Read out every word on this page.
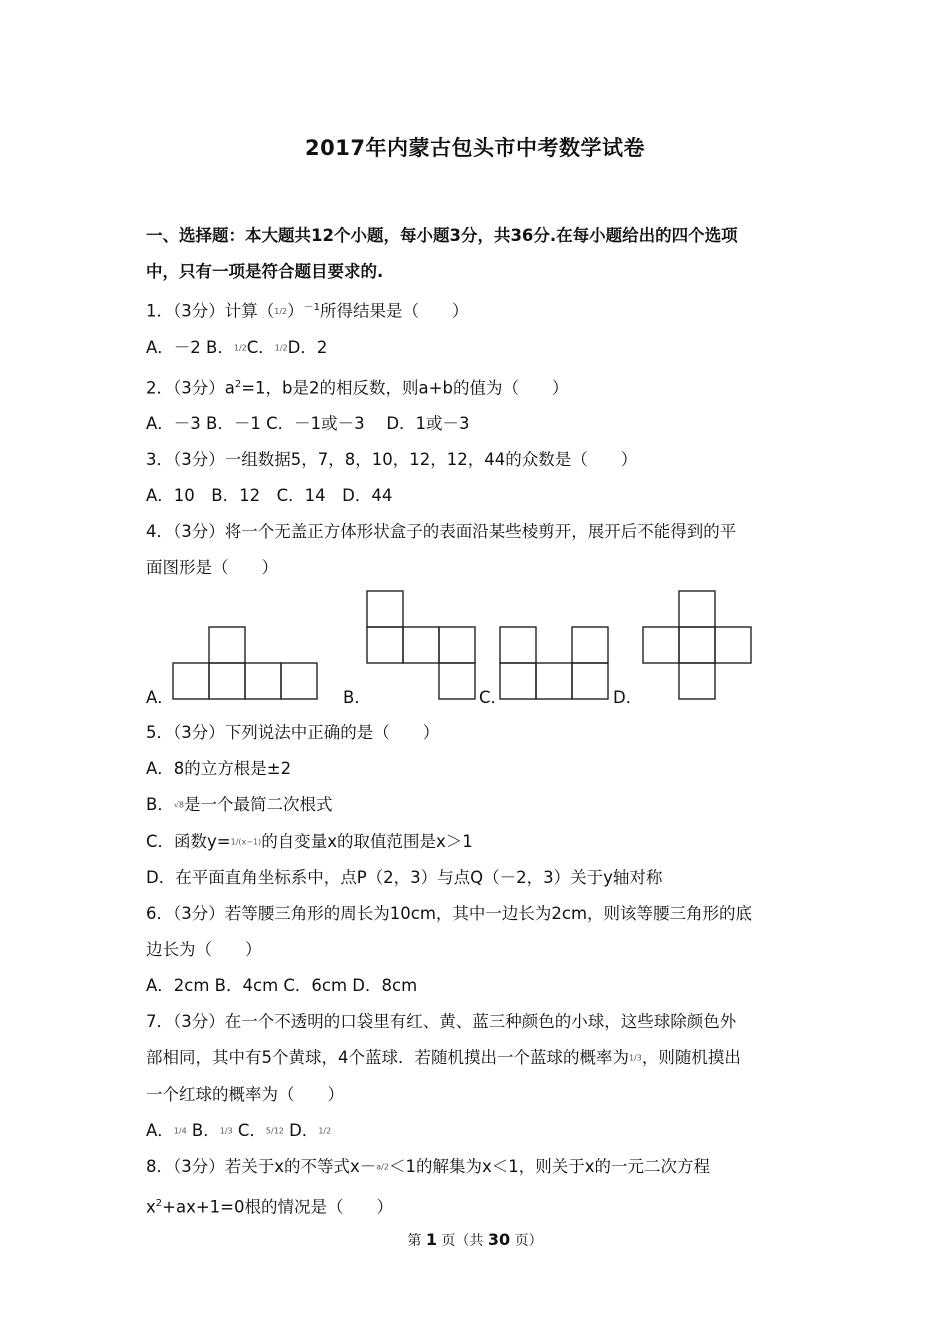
2017年内蒙古包头市中考数学试卷
一、选择题：本大题共12个小题，每小题3分，共36分.在每小题给出的四个选项
中，只有一项是符合题目要求的.
1．（3分）计算$(1/2)^{-1}$所得结果是（　　）
A．－2 B．1/2C．1/2D．2
2．（3分）$a^2=1$，b是2的相反数，则a+b的值为（　　）
A．－3 B．－1 C．－1或－3　 D．1或－3
3．（3分）一组数据5，7，8，10，12，12，44的众数是（　　）
A．10　B．12　C．14　D．44
4．（3分）将一个无盖正方体形状盒子的表面沿某些棱剪开，展开后不能得到的平
面图形是（　　）
A．	B．	C．	D．
5．（3分）下列说法中正确的是（　　）
A．8的立方根是±2
B．√8是一个最简二次根式
C．函数y=1/(x−1)的自变量x的取值范围是x＞1
D．在平面直角坐标系中，点P（2，3）与点Q（－2，3）关于y轴对称
6．（3分）若等腰三角形的周长为10cm，其中一边长为2cm，则该等腰三角形的底
边长为（　　）
A．2cm B．4cm C．6cm D．8cm
7．（3分）在一个不透明的口袋里有红、黄、蓝三种颜色的小球，这些球除颜色外
部相同，其中有5个黄球，4个蓝球．若随机摸出一个蓝球的概率为1/3，则随机摸出
一个红球的概率为（　　）
A．1/4 B．1/3 C．5/12 D．1/2
8．（3分）若关于x的不等式x－a/2＜1的解集为x＜1，则关于x的一元二次方程
$x^2+ax+1=0$根的情况是（　　）
第 1 页（共 30 页）
